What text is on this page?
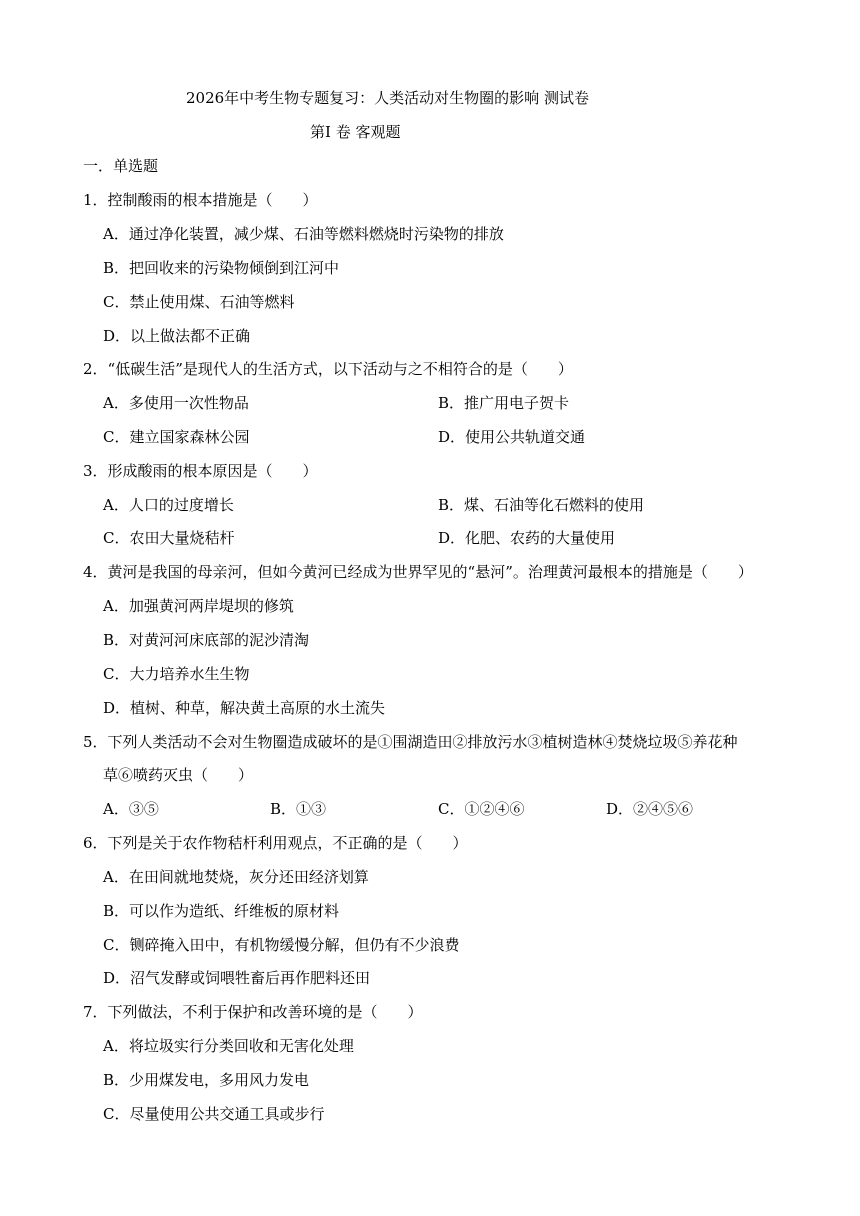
2026年中考生物专题复习：人类活动对生物圈的影响 测试卷
第Ⅰ 卷 客观题
一．单选题
1．控制酸雨的根本措施是（　　）
A．通过净化装置，减少煤、石油等燃料燃烧时污染物的排放
B．把回收来的污染物倾倒到江河中
C．禁止使用煤、石油等燃料
D．以上做法都不正确
2．“低碳生活”是现代人的生活方式，以下活动与之不相符合的是（　　）
A．多使用一次性物品	B．推广用电子贺卡
C．建立国家森林公园	D．使用公共轨道交通
3．形成酸雨的根本原因是（　　）
A．人口的过度增长	B．煤、石油等化石燃料的使用
C．农田大量烧秸杆	D．化肥、农药的大量使用
4．黄河是我国的母亲河，但如今黄河已经成为世界罕见的“悬河”。治理黄河最根本的措施是（　　）
A．加强黄河两岸堤坝的修筑
B．对黄河河床底部的泥沙清淘
C．大力培养水生生物
D．植树、种草，解决黄土高原的水土流失
5．下列人类活动不会对生物圈造成破坏的是①围湖造田②排放污水③植树造林④焚烧垃圾⑤养花种
草⑥喷药灭虫（　　）
A．③⑤	B．①③	C．①②④⑥	D．②④⑤⑥
6．下列是关于农作物秸杆利用观点，不正确的是（　　）
A．在田间就地焚烧，灰分还田经济划算
B．可以作为造纸、纤维板的原材料
C．铡碎掩入田中，有机物缓慢分解，但仍有不少浪费
D．沼气发酵或饲喂牲畜后再作肥料还田
7．下列做法，不利于保护和改善环境的是（　　）
A．将垃圾实行分类回收和无害化处理
B．少用煤发电，多用风力发电
C．尽量使用公共交通工具或步行
